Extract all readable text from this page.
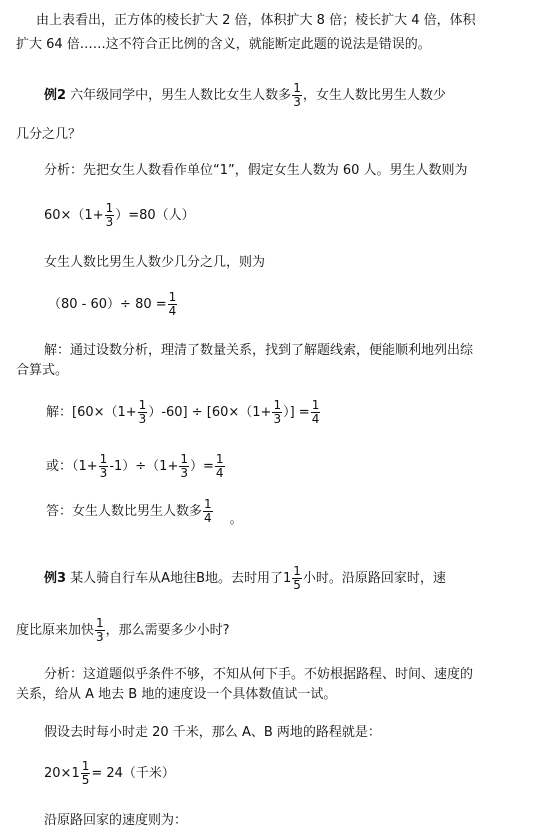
由上表看出，正方体的棱长扩大 2 倍，体积扩大 8 倍；棱长扩大 4 倍，体积
扩大 64 倍……这不符合正比例的含义，就能断定此题的说法是错误的。
例2 六年级同学中，男生人数比女生人数多 $\frac{1}{3}$ ，女生人数比男生人数少
几分之几？
分析：先把女生人数看作单位“1”，假定女生人数为 60 人。男生人数则为
$60\times(1+ \frac{1}{3} )=80$（人）
女生人数比男生人数少几分之几，则为
$(80 - 60)\div 80 = \frac{1}{4}$
解：通过设数分析，理清了数量关系，找到了解题线索，便能顺利地列出综
合算式。
解：$[60\times(1+ \frac{1}{3} )-60] \div [60\times(1+ \frac{1}{3}$ ）] = $\frac{1}{4}$
或：$(1+ \frac{1}{3} -1)\div(1+ \frac{1}{3}$ ）= $\frac{1}{4}$
答：女生人数比男生人数多 $\frac{1}{4}$ 。
例3 某人骑自行车从A地往B地。去时用了$1 \frac{1}{5}$ 小时。沿原路回家时，速
度比原来加快 $\frac{1}{3}$ ，那么需要多少小时?
分析：这道题似乎条件不够，不知从何下手。不妨根据路程、时间、速度的
关系，给从 A 地去 B 地的速度设一个具体数值试一试。
假设去时每小时走 20 千米，那么 A、B 两地的路程就是：
$20\times 1 \frac{1}{5} = 24$（千米）
沿原路回家的速度则为：
